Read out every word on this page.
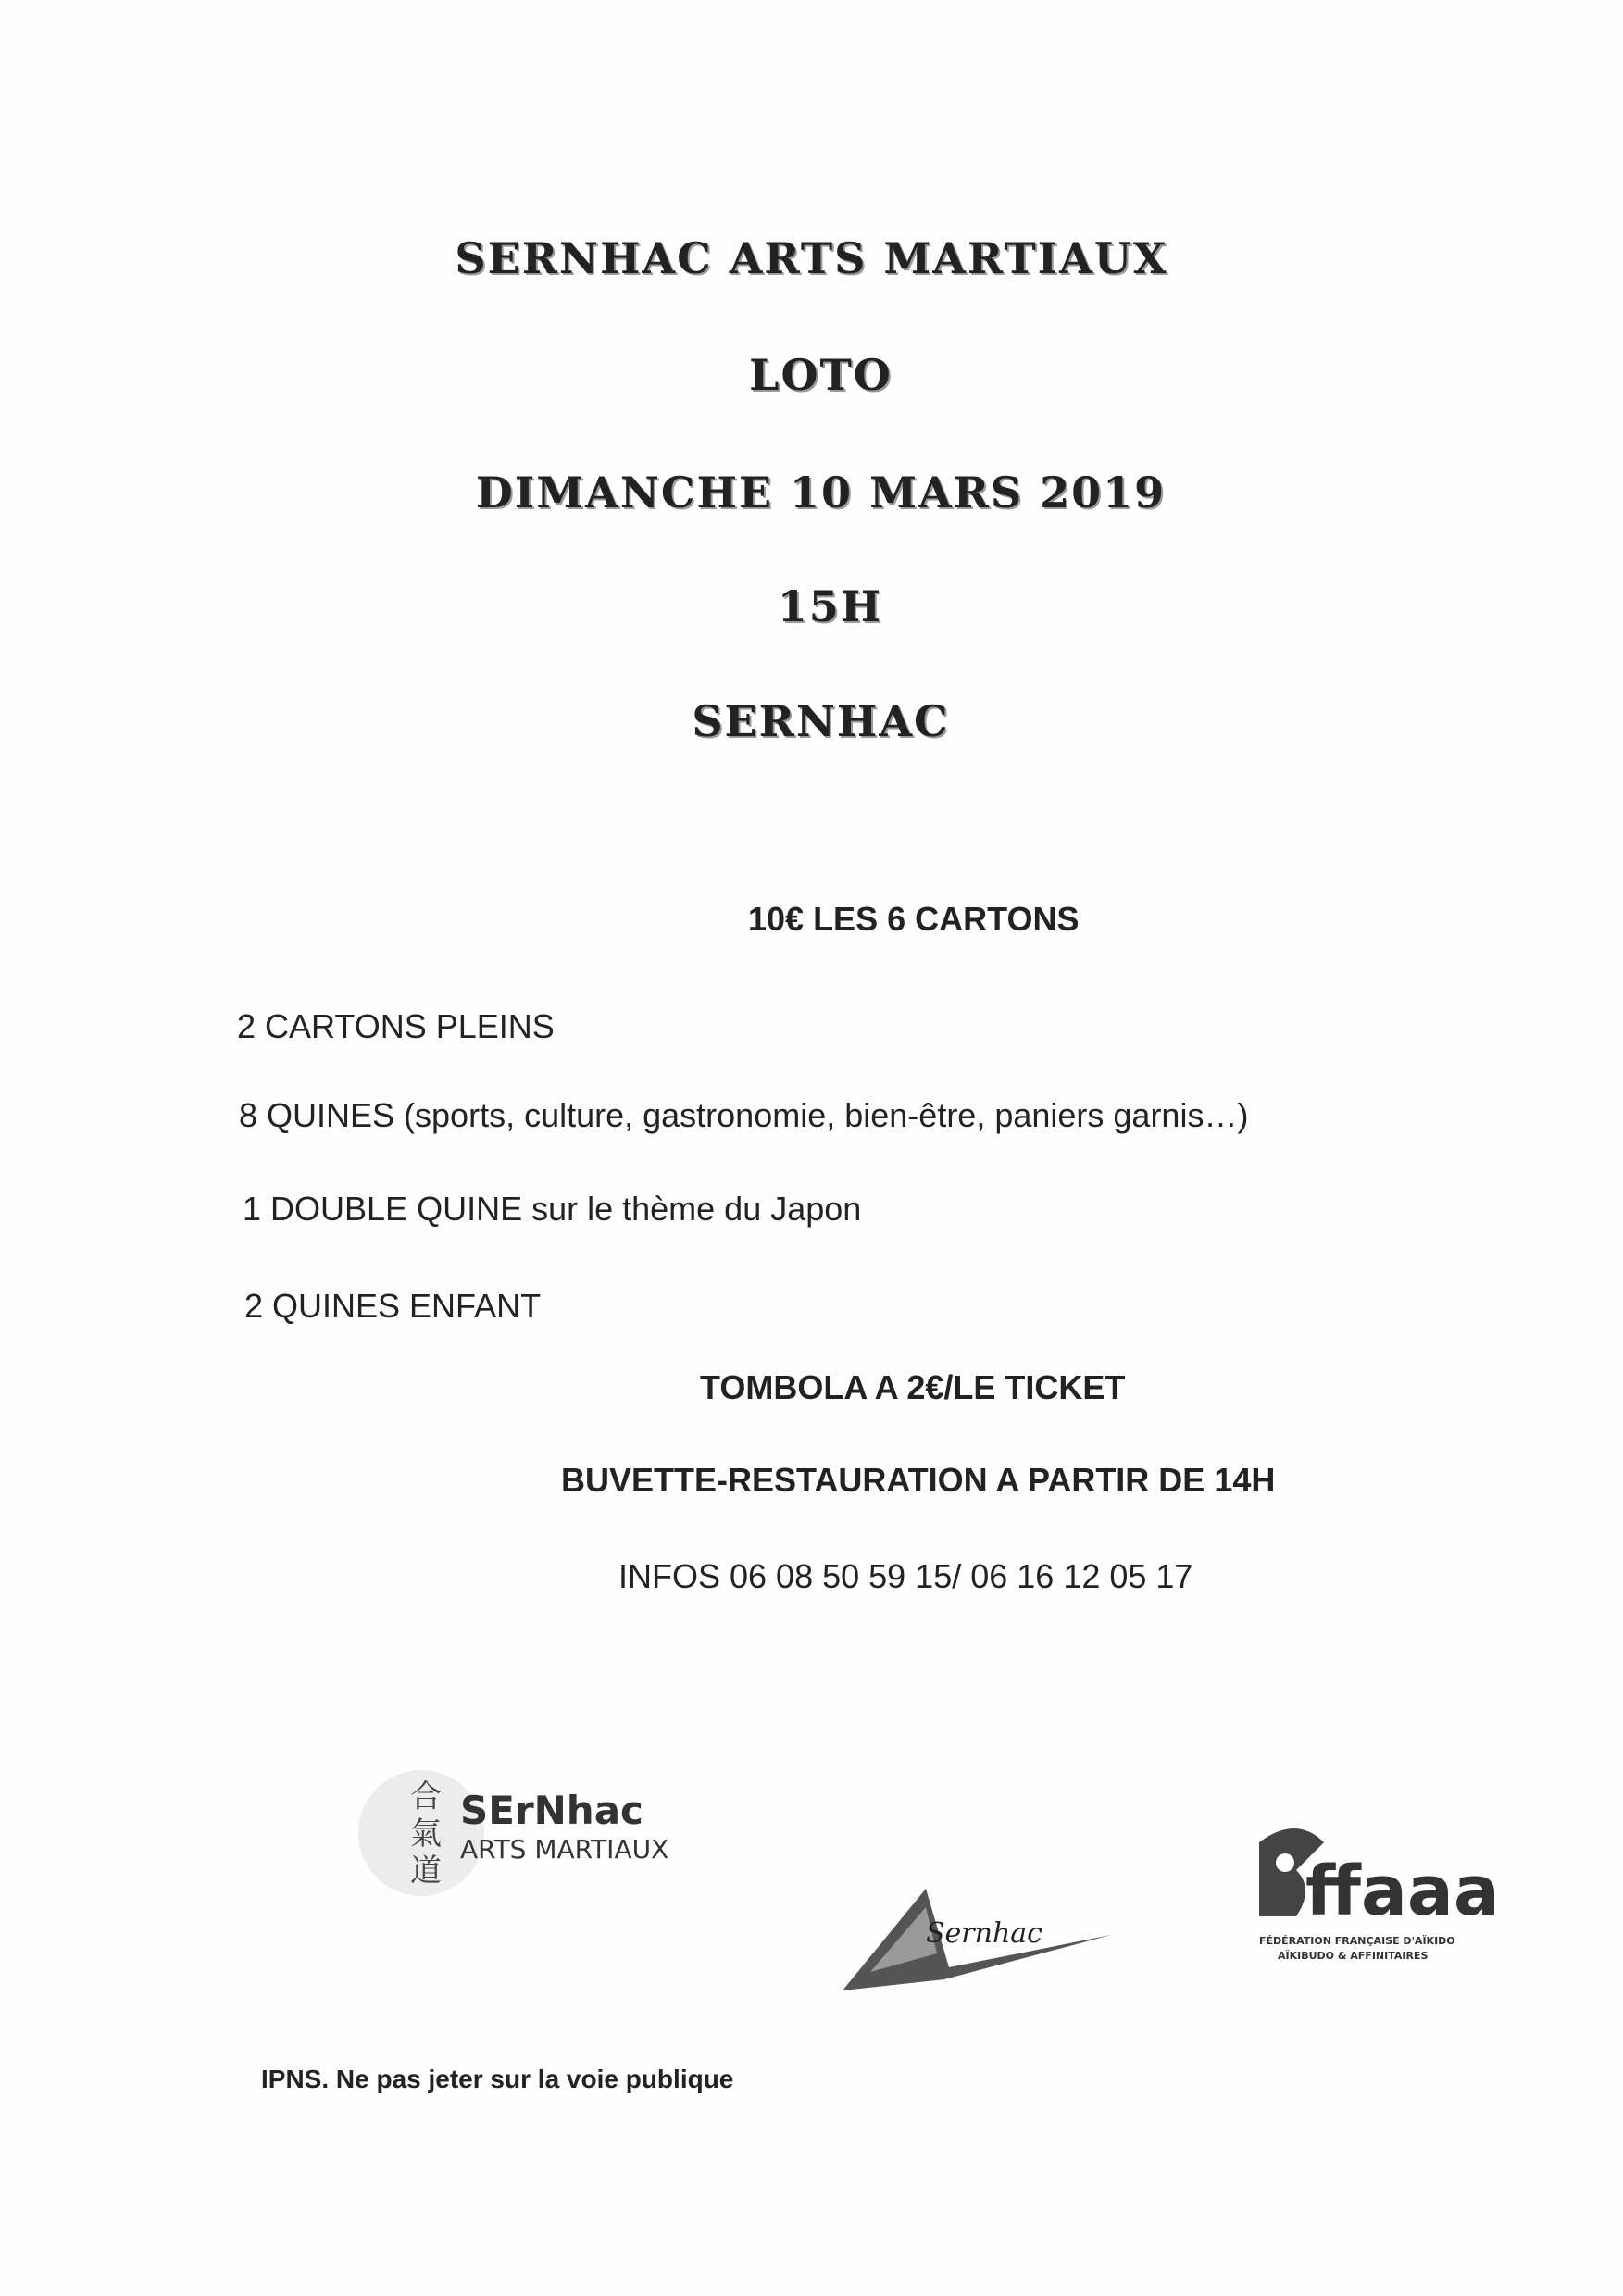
SERNHAC ARTS MARTIAUX
LOTO
DIMANCHE 10 MARS 2019
15H
SERNHAC
10€ LES 6 CARTONS
2 CARTONS PLEINS
8 QUINES (sports, culture, gastronomie, bien-être, paniers garnis…)
1 DOUBLE QUINE sur le thème du Japon
2 QUINES ENFANT
TOMBOLA A 2€/LE TICKET
BUVETTE-RESTAURATION A PARTIR DE 14H
INFOS 06 08 50 59 15/ 06 16 12 05 17
合
氣
道
SErNhac
ARTS MARTIAUX
Sernhac
ffaaa
FÉDÉRATION FRANÇAISE D'AÏKIDO
AÏKIBUDO & AFFINITAIRES
IPNS. Ne pas jeter sur la voie publique
